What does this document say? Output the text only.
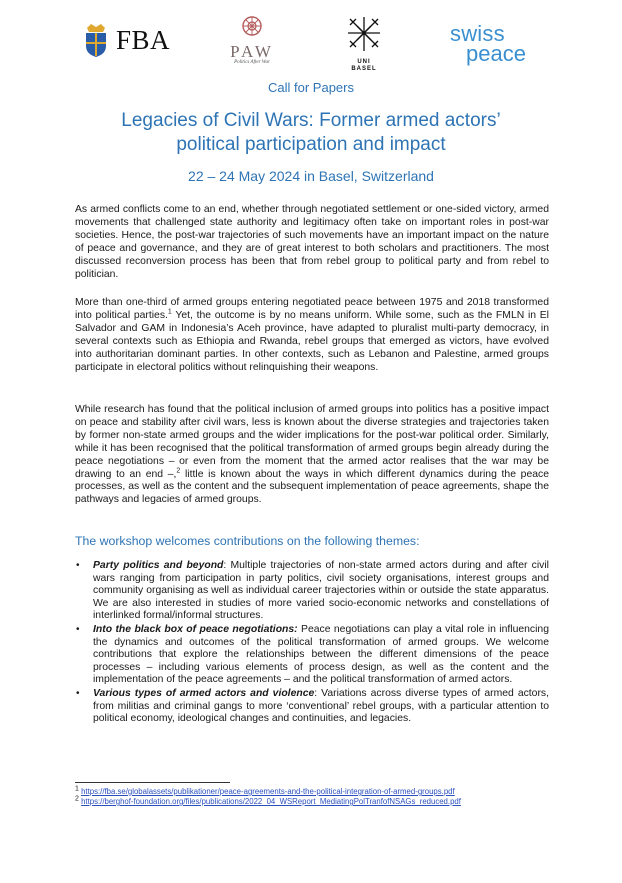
FBA	PAW
Politics After War	UNI
BASEL
swiss
peace
Call for Papers
Legacies of Civil Wars: Former armed actors’
political participation and impact
22 – 24 May 2024 in Basel, Switzerland

As armed conflicts come to an end, whether through negotiated settlement or one-sided victory, armed movements that challenged state authority and legitimacy often take on important roles in post-war societies. Hence, the post-war trajectories of such movements have an important impact on the nature of peace and governance, and they are of great interest to both scholars and practitioners. The most discussed reconversion process has been that from rebel group to political party and from rebel to politician.

More than one-third of armed groups entering negotiated peace between 1975 and 2018 transformed into political parties.$^1$ Yet, the outcome is by no means uniform. While some, such as the FMLN in El Salvador and GAM in Indonesia’s Aceh province, have adapted to pluralist multi-party democracy, in several contexts such as Ethiopia and Rwanda, rebel groups that emerged as victors, have evolved into authoritarian dominant parties. In other contexts, such as Lebanon and Palestine, armed groups participate in electoral politics without relinquishing their weapons.

While research has found that the political inclusion of armed groups into politics has a positive impact on peace and stability after civil wars, less is known about the diverse strategies and trajectories taken by former non-state armed groups and the wider implications for the post-war political order. Similarly, while it has been recognised that the political transformation of armed groups begin already during the peace negotiations – or even from the moment that the armed actor realises that the war may be drawing to an end –,$^2$ little is known about the ways in which different dynamics during the peace processes, as well as the content and the subsequent implementation of peace agreements, shape the pathways and legacies of armed groups.

The workshop welcomes contributions on the following themes:
• Party politics and beyond: Multiple trajectories of non-state armed actors during and after civil wars ranging from participation in party politics, civil society organisations, interest groups and community organising as well as individual career trajectories within or outside the state apparatus. We are also interested in studies of more varied socio-economic networks and constellations of interlinked formal/informal structures.
• Into the black box of peace negotiations: Peace negotiations can play a vital role in influencing the dynamics and outcomes of the political transformation of armed groups. We welcome contributions that explore the relationships between the different dimensions of the peace processes – including various elements of process design, as well as the content and the implementation of the peace agreements – and the political transformation of armed actors.
• Various types of armed actors and violence: Variations across diverse types of armed actors, from militias and criminal gangs to more ‘conventional’ rebel groups, with a particular attention to political economy, ideological changes and continuities, and legacies.
$^1$ https://fba.se/globalassets/publikationer/peace-agreements-and-the-political-integration-of-armed-groups.pdf
$^2$ https://berghof-foundation.org/files/publications/2022_04_WSReport_MediatingPolTranfofNSAGs_reduced.pdf
